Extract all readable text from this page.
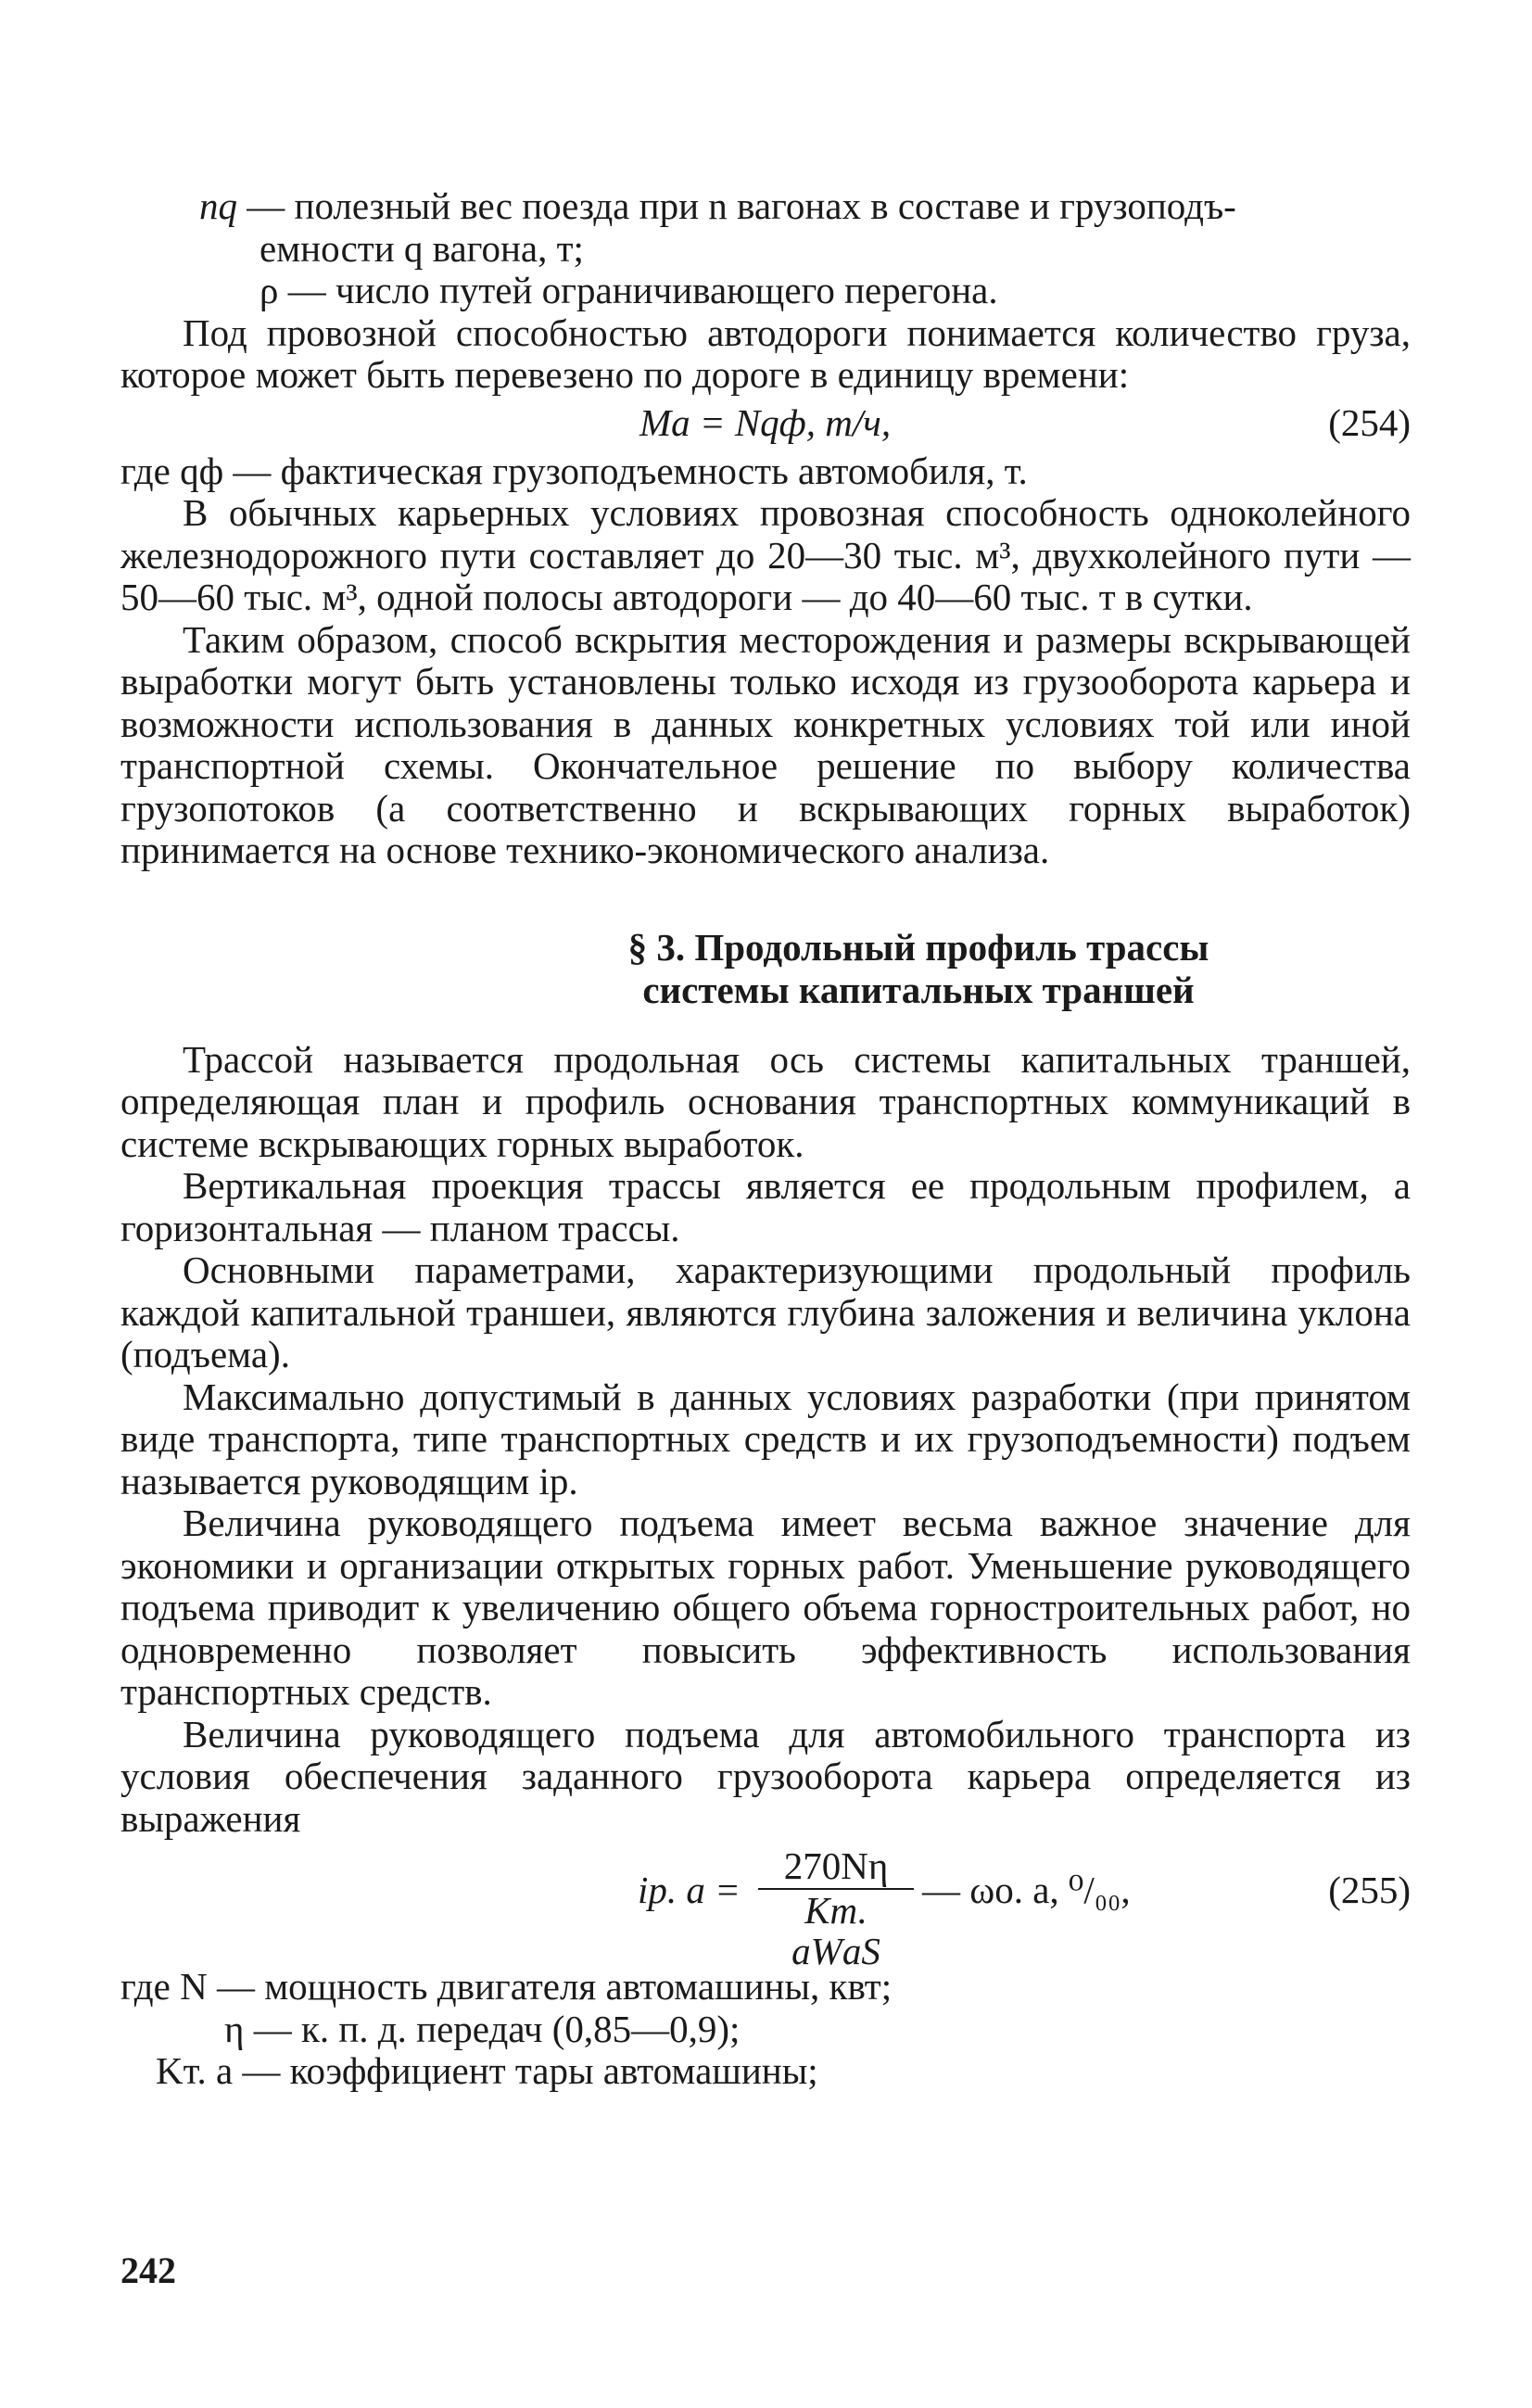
nq — полезный вес поезда при n вагонах в составе и грузоподъ-

емности q вагона, т;

ρ — число путей ограничивающего перегона.

Под провозной способностью автодороги понимается количество груза, которое может быть перевезено по дороге в единицу времени:

Mа = Nqф, т/ч,	(254)

где qф — фактическая грузоподъемность автомобиля, т.

В обычных карьерных условиях провозная способность одноколейного железнодорожного пути составляет до 20—30 тыс. м³, двухколейного пути — 50—60 тыс. м³, одной полосы автодороги — до 40—60 тыс. т в сутки.

Таким образом, способ вскрытия месторождения и размеры вскрывающей выработки могут быть установлены только исходя из грузооборота карьера и возможности использования в данных конкретных условиях той или иной транспортной схемы. Окончательное решение по выбору количества грузопотоков (а соответственно и вскрывающих горных выработок) принимается на основе технико-экономического анализа.

§ 3. Продольный профиль трассы
системы капитальных траншей

Трассой называется продольная ось системы капитальных траншей, определяющая план и профиль основания транспортных коммуникаций в системе вскрывающих горных выработок.

Вертикальная проекция трассы является ее продольным профилем, а горизонтальная — планом трассы.

Основными параметрами, характеризующими продольный профиль каждой капитальной траншеи, являются глубина заложения и величина уклона (подъема).

Максимально допустимый в данных условиях разработки (при принятом виде транспорта, типе транспортных средств и их грузоподъемности) подъем называется руководящим iр.

Величина руководящего подъема имеет весьма важное значение для экономики и организации открытых горных работ. Уменьшение руководящего подъема приводит к увеличению общего объема горностроительных работ, но одновременно позволяет повысить эффективность использования транспортных средств.

Величина руководящего подъема для автомобильного транспорта из условия обеспечения заданного грузооборота карьера определяется из выражения

iр. а =
270Nη
Kт. аWаS
— ωо. а, ⁰/₀₀,	(255)

где N — мощность двигателя автомашины, квт;

η — к. п. д. передач (0,85—0,9);

Kт. а — коэффициент тары автомашины;

242
